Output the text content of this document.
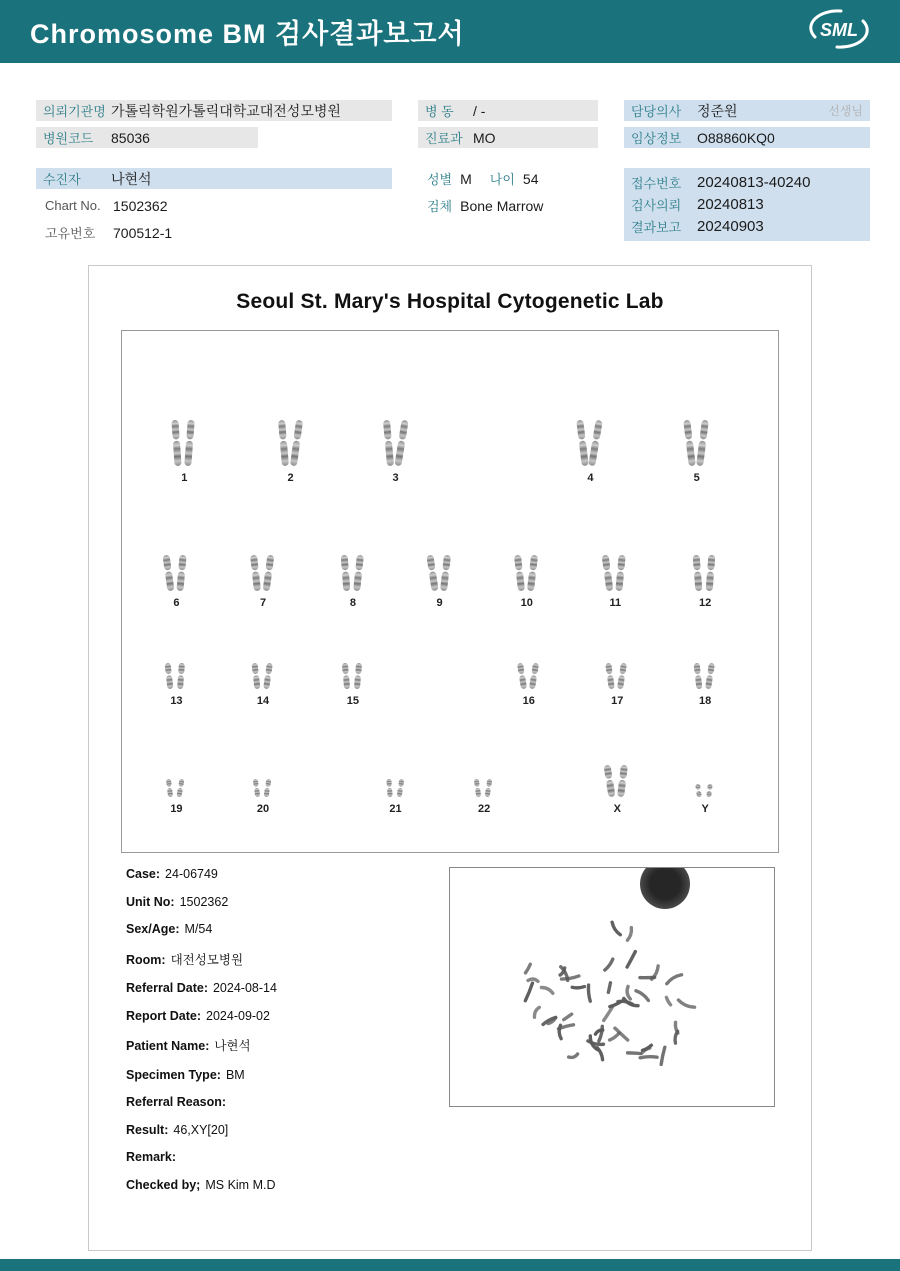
Chromosome BM 검사결과보고서	SML
의뢰기관명 가톨릭학원가톨릭대학교대전성모병원
병원코드	85036
수진자	나현석
Chart No. 1502362
고유번호	700512-1
병 동	/ -
진료과 MO
성별 M 나이 54
검체 Bone Marrow
담당의사	정준원	선생님
임상정보	O88860KQ0
접수번호	20240813-40240
검사의뢰	20240813
결과보고	20240903
Seoul St. Mary's Hospital Cytogenetic Lab
1	2	3	4	5
6	7	8	9	10	11	12
13	14	15	16	17	18
19	20	21	22	X	Y
Case: 24-06749
Unit No: 1502362
Sex/Age: M/54
Room: 대전성모병원
Referral Date: 2024-08-14
Report Date: 2024-09-02
Patient Name: 나현석
Specimen Type: BM
Referral Reason:
Result: 46,XY[20]
Remark:
Checked by; MS Kim M.D
